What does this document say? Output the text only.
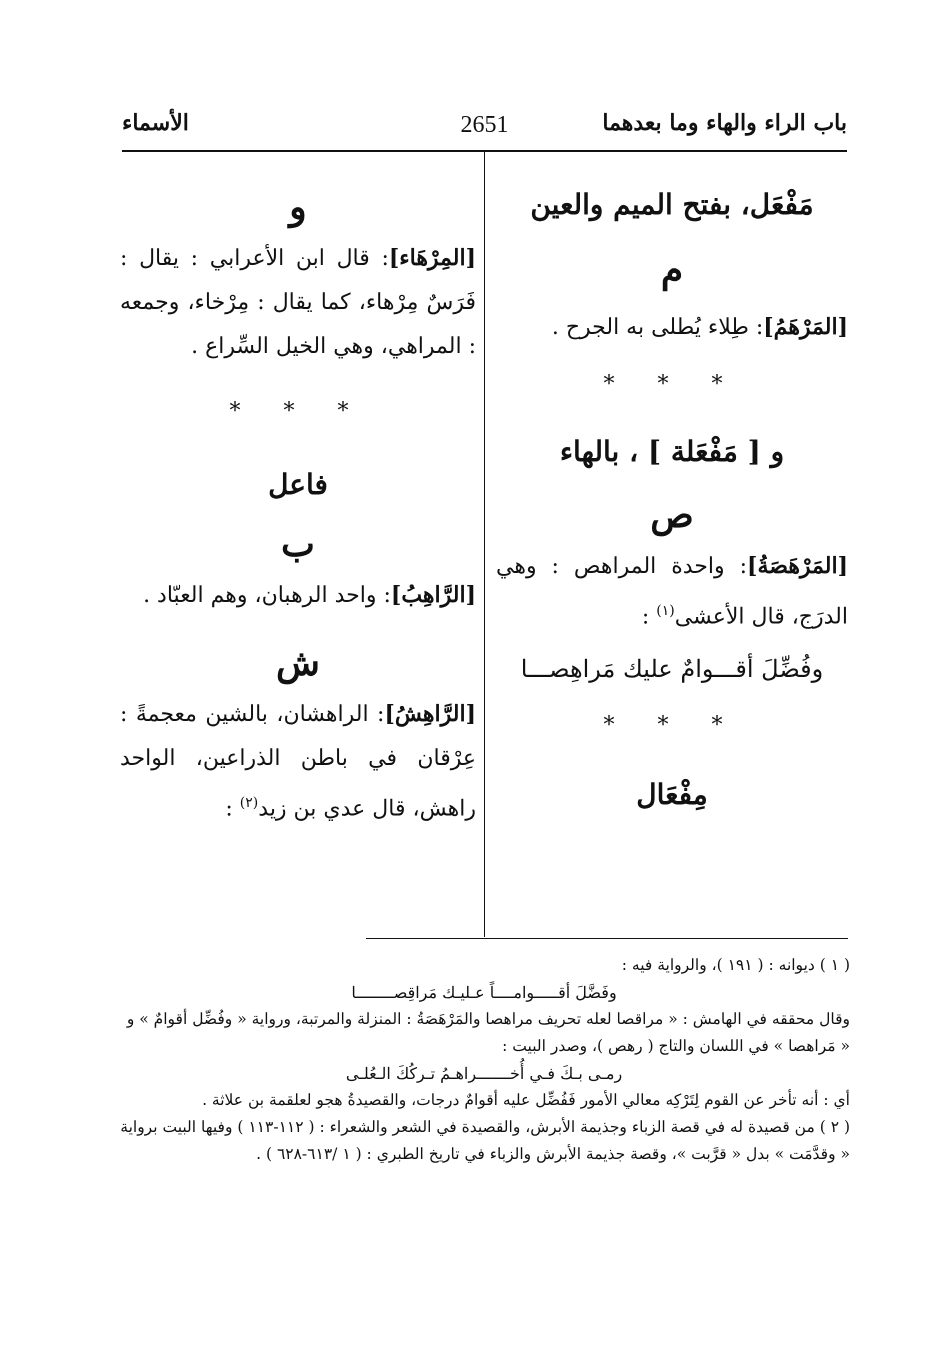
باب الراء والهاء وما بعدهما
2651
الأسماء

مَفْعَل، بفتح الميم والعين

م

[المَرْهَمُ]: طِلاء يُطلى به الجرح .

* * *

و [ مَفْعَلة ] ، بالهاء

ص

[المَرْهَصَةُ]: واحدة المراهص : وهي الدرَج، قال الأعشى$^{(١)}$ :

وفُضِّلَ أقـــوامٌ عليك مَراهِصـــا

* * *

مِفْعَال

و

[المِرْهَاء]: قال ابن الأعرابي : يقال : فَرَسٌ مِرْهاء، كما يقال : مِرْخاء، وجمعه : المراهي، وهي الخيل السِّراع .

* * *

فاعل

ب

[الرَّاهِبُ]: واحد الرهبان، وهم العبّاد .

ش

[الرَّاهِشُ]: الراهشان، بالشين معجمةً : عِرْقان في باطن الذراعين، الواحد راهش، قال عدي بن زيد$^{(٢)}$ :

( ١ ) ديوانه : ( ١٩١ )، والرواية فيه :

وفَضَّلَ أقـــــوامــــاً عـليـك مَراقِصــــــــا

وقال محققه في الهامش : « مراقصا لعله تحريف مراهصا والمَرْهَصَةُ : المنزلة والمرتبة، ورواية « وفُضِّل أقوامٌ » و

« مَراهصا » في اللسان والتاج ( رهص )، وصدر البيت :

رمـى بـكَ فـي أُخـــــــراهـمُ تـركُكَ الـعُلـى

أي : أنه تأخر عن القوم لِتَرْكِه معالي الأمور فَفُضِّل عليه أقوامٌ درجات، والقصيدةُ هجو لعلقمة بن علاثة .

( ٢ ) من قصيدة له في قصة الزباء وجذيمة الأبرش، والقصيدة في الشعر والشعراء : ( ١١٢-١١٣ ) وفيها البيت برواية

« وقدَّمَت » بدل « قرَّبت »، وقصة جذيمة الأبرش والزباء في تاريخ الطبري : ( ١ /٦١٣-٦٢٨ ) .
